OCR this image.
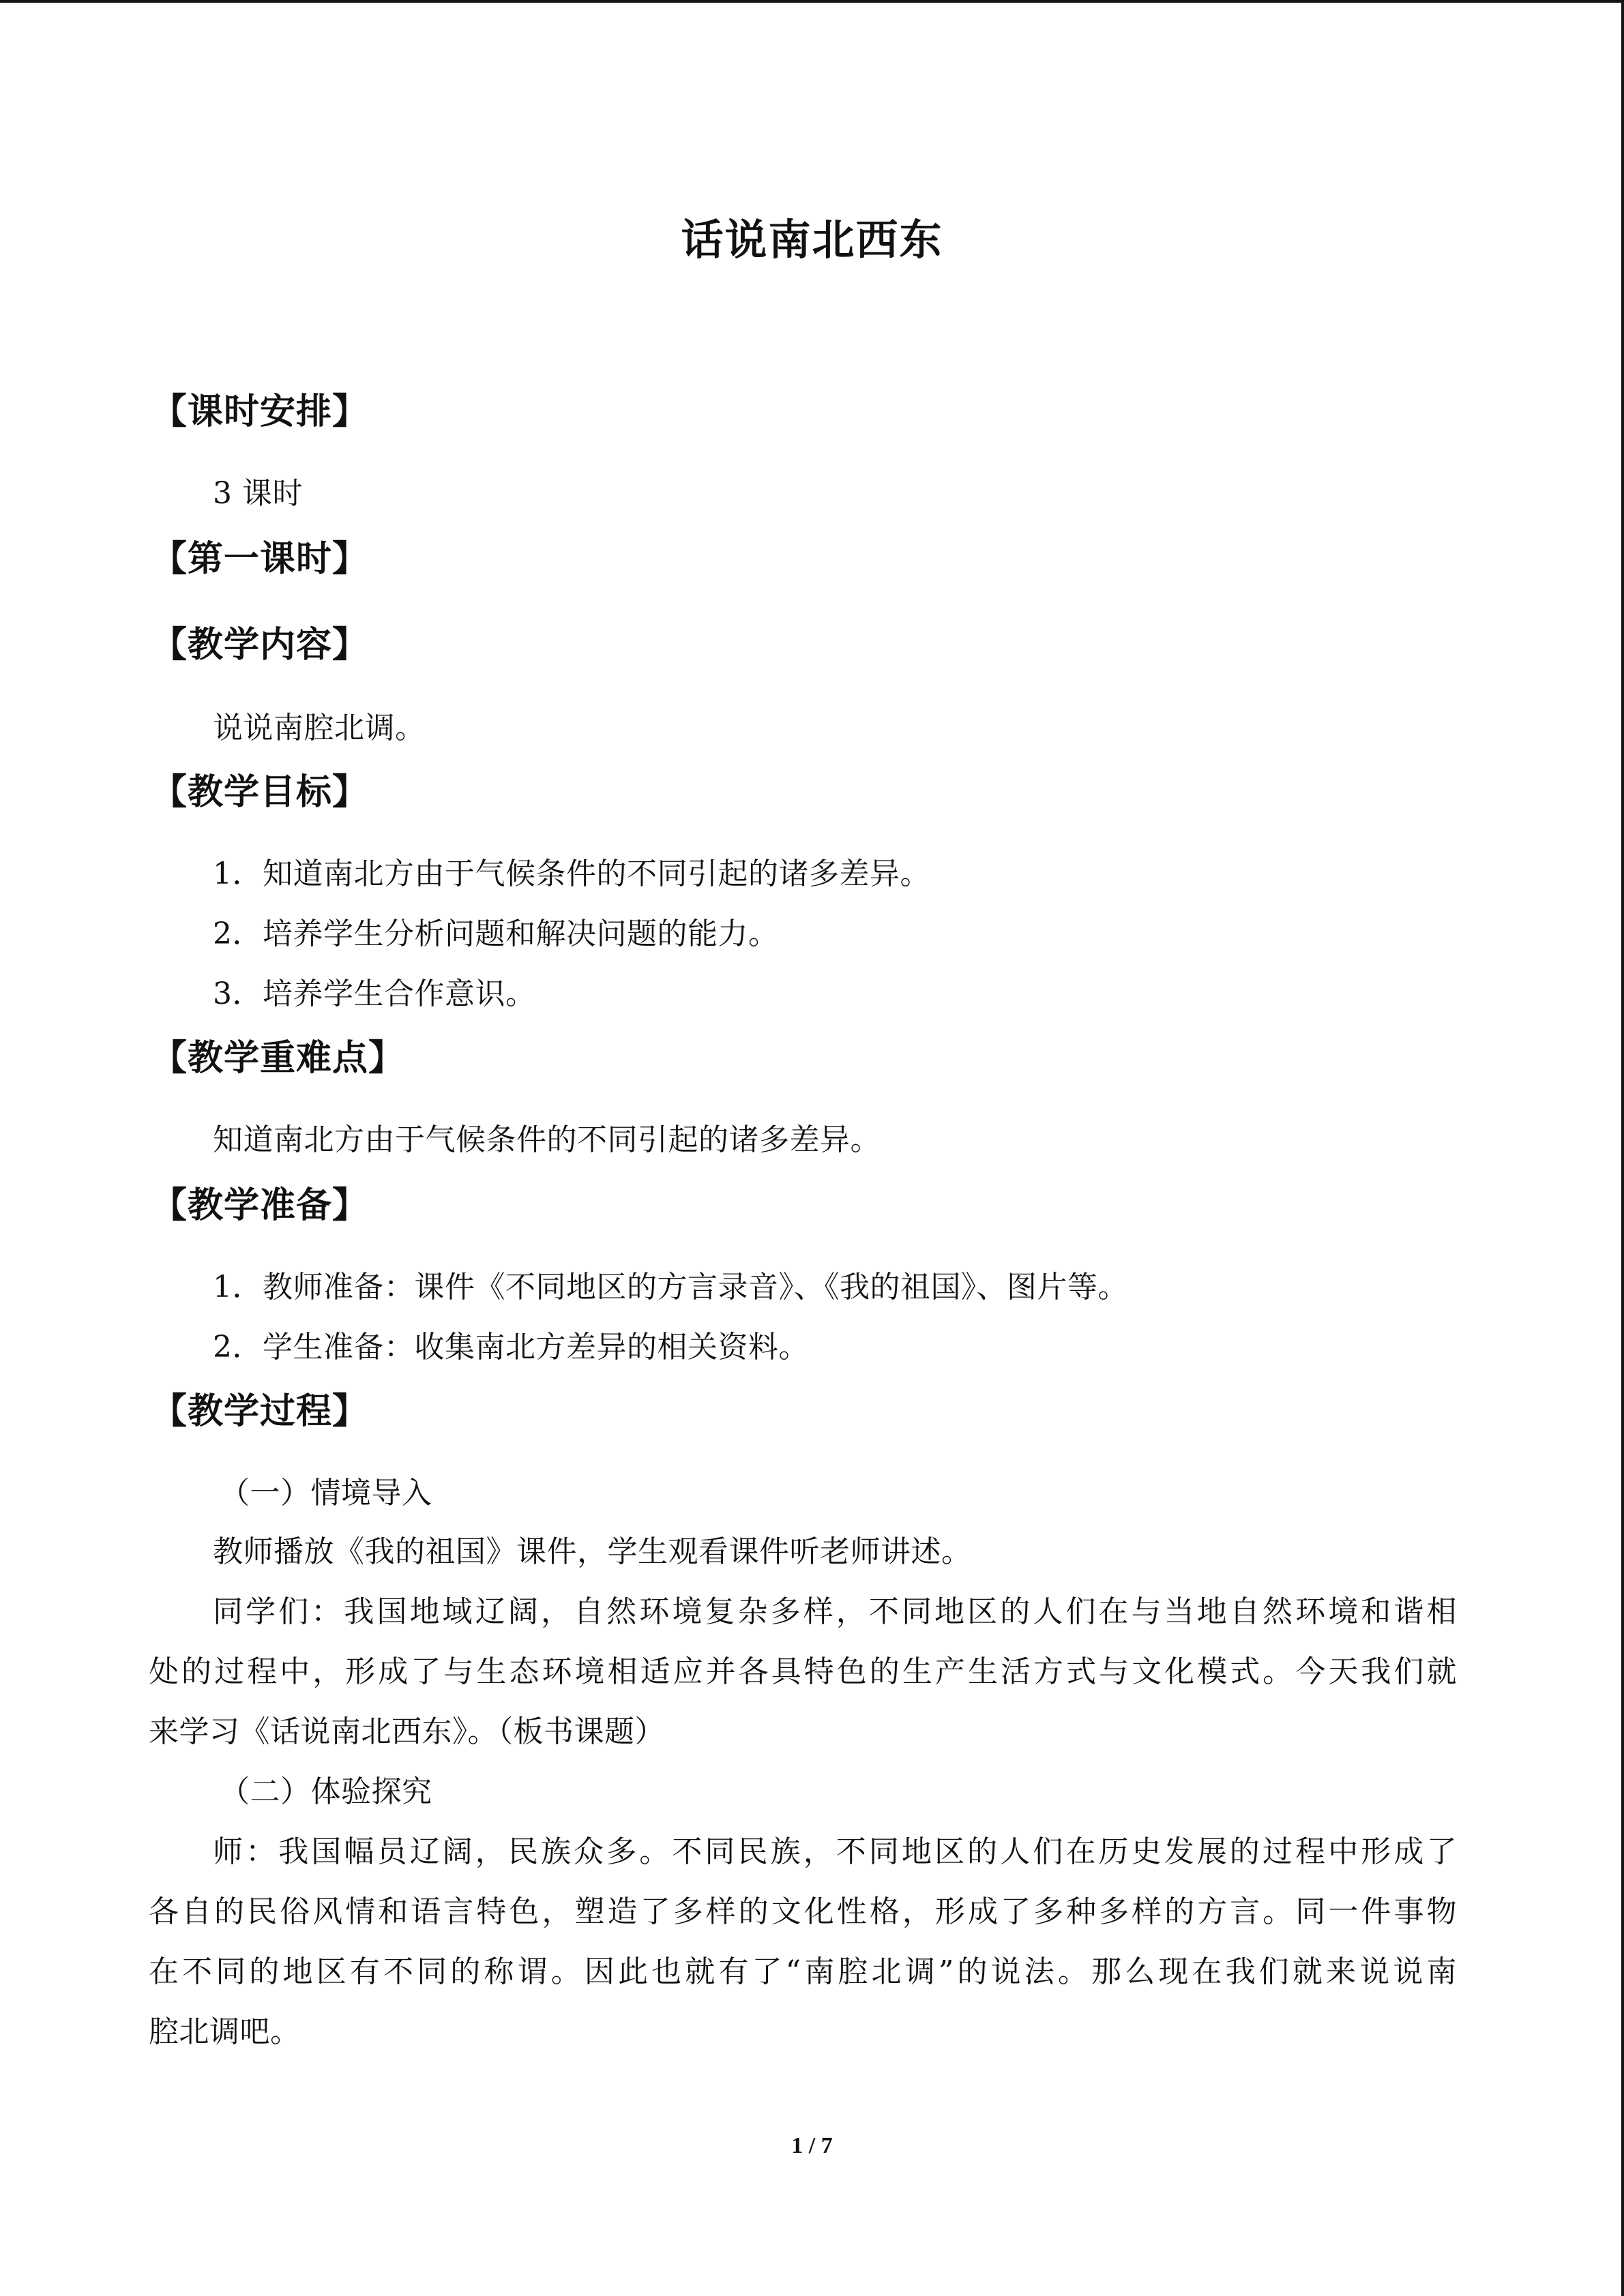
话说南北西东
【课时安排】
3 课时
【第一课时】
【教学内容】
说说南腔北调。
【教学目标】
1．知道南北方由于气候条件的不同引起的诸多差异。
2．培养学生分析问题和解决问题的能力。
3．培养学生合作意识。
【教学重难点】
知道南北方由于气候条件的不同引起的诸多差异。
【教学准备】
1．教师准备：课件《不同地区的方言录音》、《我的祖国》、图片等。
2．学生准备：收集南北方差异的相关资料。
【教学过程】
（一）情境导入
教师播放《我的祖国》课件，学生观看课件听老师讲述。
同学们：我国地域辽阔，自然环境复杂多样，不同地区的人们在与当地自然环境和谐相
处的过程中，形成了与生态环境相适应并各具特色的生产生活方式与文化模式。今天我们就
来学习《话说南北西东》。（板书课题）
（二）体验探究
师：我国幅员辽阔，民族众多。不同民族，不同地区的人们在历史发展的过程中形成了
各自的民俗风情和语言特色，塑造了多样的文化性格，形成了多种多样的方言。同一件事物
在不同的地区有不同的称谓。因此也就有了“南腔北调”的说法。那么现在我们就来说说南
腔北调吧。
1 / 7
